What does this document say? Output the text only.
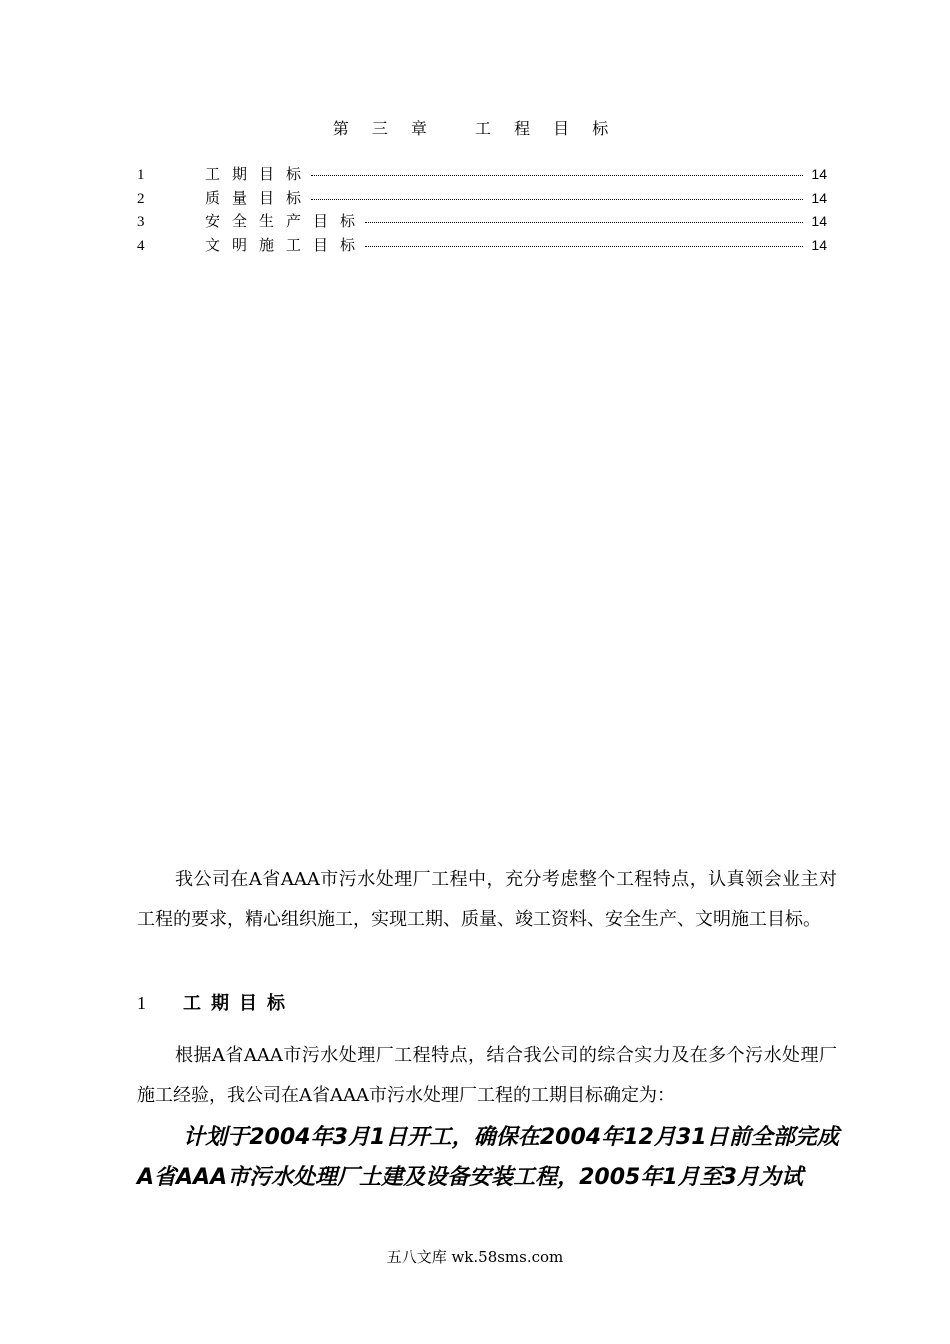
第 三 章　 工 程 目 标
1	工期目标	14
2	质量目标	14
3	安全生产目标	14
4	文明施工目标	14

我公司在A省AAA市污水处理厂工程中，充分考虑整个工程特点，认真领会业主对工程的要求，精心组织施工，实现工期、质量、竣工资料、安全生产、文明施工目标。

1 工期目标

根据A省AAA市污水处理厂工程特点，结合我公司的综合实力及在多个污水处理厂施工经验，我公司在A省AAA市污水处理厂工程的工期目标确定为：

计划于2004年3月1日开工，确保在2004年12月31日前全部完成A省AAA市污水处理厂土建及设备安装工程，2005年1月至3月为试

五八文库 wk.58sms.com
